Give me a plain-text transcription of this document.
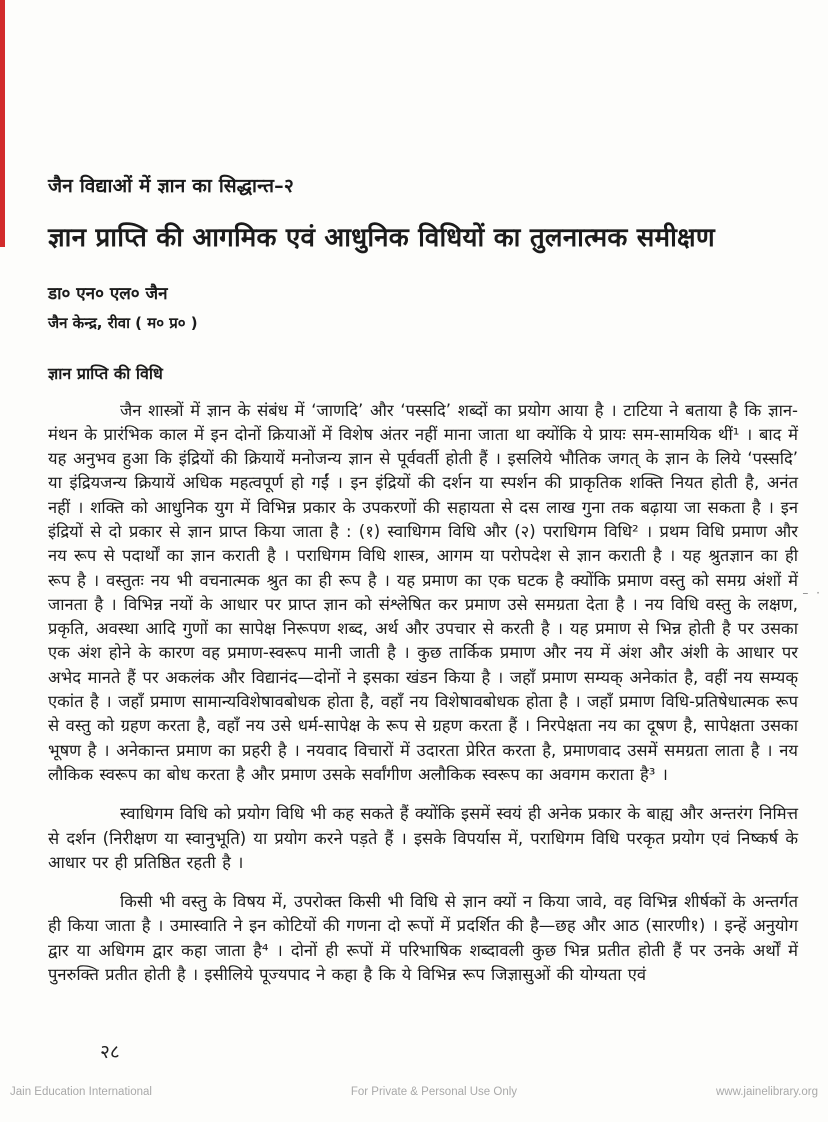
जैन विद्याओं में ज्ञान का सिद्धान्त–२
ज्ञान प्राप्ति की आगमिक एवं आधुनिक विधियों का तुलनात्मक समीक्षण
डा० एन० एल० जैन
जैन केन्द्र, रीवा ( म० प्र० )
ज्ञान प्राप्ति की विधि

जैन शास्त्रों में ज्ञान के संबंध में ‘जाणदि’ और ‘पस्सदि’ शब्दों का प्रयोग आया है । टाटिया ने बताया है कि ज्ञान-मंथन के प्रारंभिक काल में इन दोनों क्रियाओं में विशेष अंतर नहीं माना जाता था क्योंकि ये प्रायः सम-सामयिक थीं¹ । बाद में यह अनुभव हुआ कि इंद्रियों की क्रियायें मनोजन्य ज्ञान से पूर्ववर्ती होती हैं । इसलिये भौतिक जगत् के ज्ञान के लिये ‘पस्सदि’ या इंद्रियजन्य क्रियायें अधिक महत्वपूर्ण हो गईं । इन इंद्रियों की दर्शन या स्पर्शन की प्राकृतिक शक्ति नियत होती है, अनंत नहीं । शक्ति को आधुनिक युग में विभिन्न प्रकार के उपकरणों की सहायता से दस लाख गुना तक बढ़ाया जा सकता है । इन इंद्रियों से दो प्रकार से ज्ञान प्राप्त किया जाता है : (१) स्वाधिगम विधि और (२) पराधिगम विधि² । प्रथम विधि प्रमाण और नय रूप से पदार्थों का ज्ञान कराती है । पराधिगम विधि शास्त्र, आगम या परोपदेश से ज्ञान कराती है । यह श्रुतज्ञान का ही रूप है । वस्तुतः नय भी वचनात्मक श्रुत का ही रूप है । यह प्रमाण का एक घटक है क्योंकि प्रमाण वस्तु को समग्र अंशों में जानता है । विभिन्न नयों के आधार पर प्राप्त ज्ञान को संश्लेषित कर प्रमाण उसे समग्रता देता है । नय विधि वस्तु के लक्षण, प्रकृति, अवस्था आदि गुणों का सापेक्ष निरूपण शब्द, अर्थ और उपचार से करती है । यह प्रमाण से भिन्न होती है पर उसका एक अंश होने के कारण वह प्रमाण-स्वरूप मानी जाती है । कुछ तार्किक प्रमाण और नय में अंश और अंशी के आधार पर अभेद मानते हैं पर अकलंक और विद्यानंद—दोनों ने इसका खंडन किया है । जहाँ प्रमाण सम्यक् अनेकांत है, वहीं नय सम्यक् एकांत है । जहाँ प्रमाण सामान्यविशेषावबोधक होता है, वहाँ नय विशेषावबोधक होता है । जहाँ प्रमाण विधि-प्रतिषेधात्मक रूप से वस्तु को ग्रहण करता है, वहाँ नय उसे धर्म-सापेक्ष के रूप से ग्रहण करता हैं । निरपेक्षता नय का दूषण है, सापेक्षता उसका भूषण है । अनेकान्त प्रमाण का प्रहरी है । नयवाद विचारों में उदारता प्रेरित करता है, प्रमाणवाद उसमें समग्रता लाता है । नय लौकिक स्वरूप का बोध करता है और प्रमाण उसके सर्वांगीण अलौकिक स्वरूप का अवगम कराता है³ ।

स्वाधिगम विधि को प्रयोग विधि भी कह सकते हैं क्योंकि इसमें स्वयं ही अनेक प्रकार के बाह्य और अन्तरंग निमित्त से दर्शन (निरीक्षण या स्वानुभूति) या प्रयोग करने पड़ते हैं । इसके विपर्यास में, पराधिगम विधि परकृत प्रयोग एवं निष्कर्ष के आधार पर ही प्रतिष्ठित रहती है ।

किसी भी वस्तु के विषय में, उपरोक्त किसी भी विधि से ज्ञान क्यों न किया जावे, वह विभिन्न शीर्षकों के अन्तर्गत ही किया जाता है । उमास्वाति ने इन कोटियों की गणना दो रूपों में प्रदर्शित की है—छह और आठ (सारणी१) । इन्हें अनुयोग द्वार या अधिगम द्वार कहा जाता है⁴ । दोनों ही रूपों में परिभाषिक शब्दावली कुछ भिन्न प्रतीत होती हैं पर उनके अर्थों में पुनरुक्ति प्रतीत होती है । इसीलिये पूज्यपाद ने कहा है कि ये विभिन्न रूप जिज्ञासुओं की योग्यता एवं

२८
– ·
Jain Education International	For Private & Personal Use Only	www.jainelibrary.org
